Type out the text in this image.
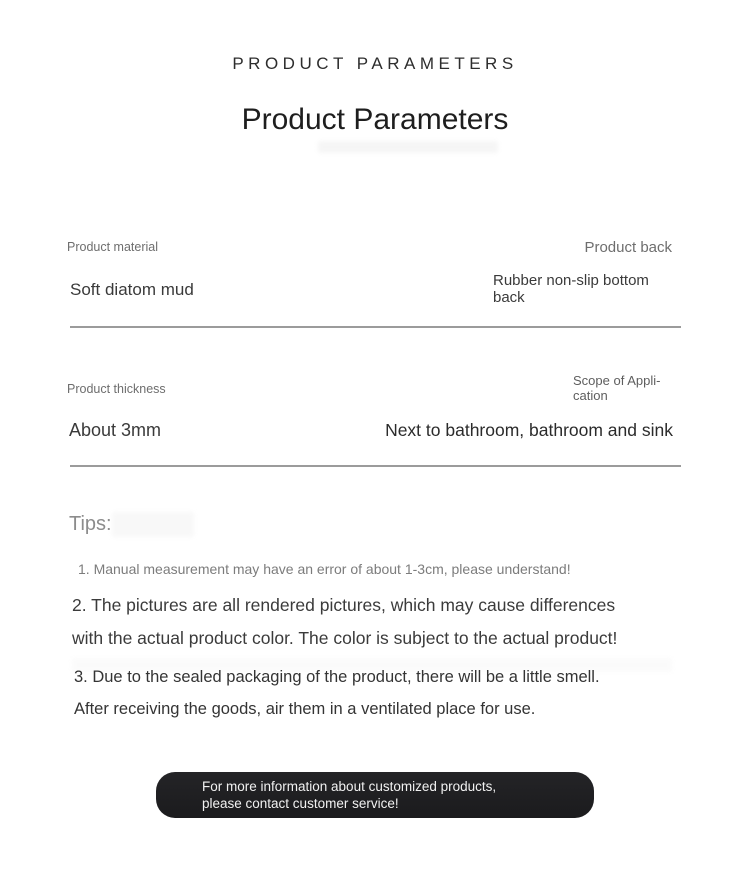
PRODUCT PARAMETERS
Product Parameters
Product material
Soft diatom mud
Product back
Rubber non-slip bottom
back
Product thickness
About 3mm
Scope of Appli-
cation
Next to bathroom, bathroom and sink
Tips:
1. Manual measurement may have an error of about 1-3cm, please understand!
2. The pictures are all rendered pictures, which may cause differences
with the actual product color. The color is subject to the actual product!
3. Due to the sealed packaging of the product, there will be a little smell.
After receiving the goods, air them in a ventilated place for use.
For more information about customized products,
please contact customer service!
